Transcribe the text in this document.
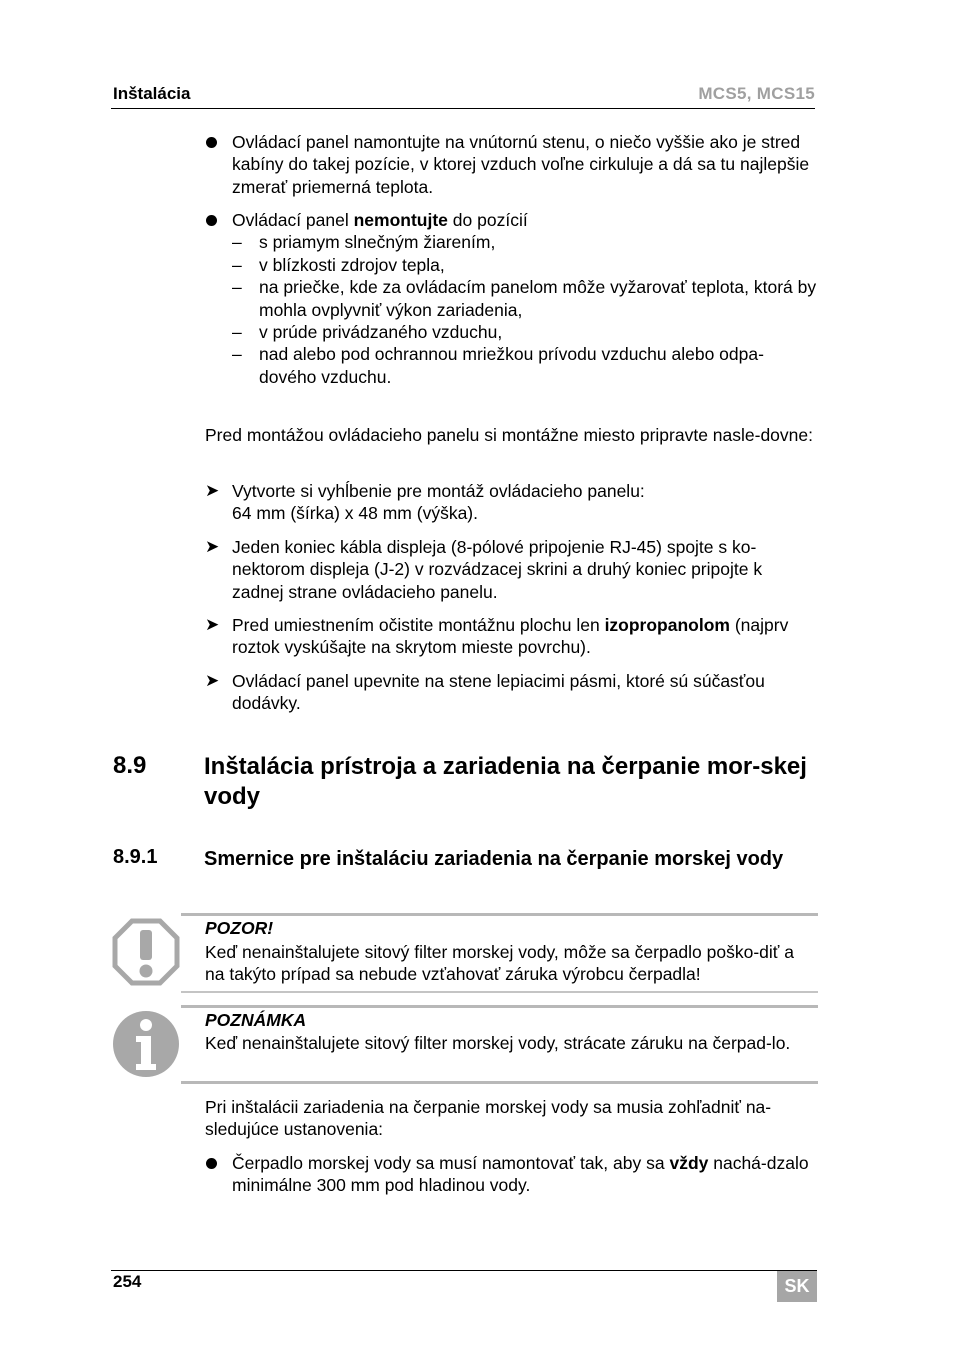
Inštalácia	MCS5, MCS15
Ovládací panel namontujte na vnútornú stenu, o niečo vyššie ako je stred kabíny do takej pozície, v ktorej vzduch voľne cirkuluje a dá sa tu najlepšie zmerať priemerná teplota.
Ovládací panel nemontujte do pozícií
– s priamym slnečným žiarením,
– v blízkosti zdrojov tepla,
– na priečke, kde za ovládacím panelom môže vyžarovať teplota, ktorá by mohla ovplyvniť výkon zariadenia,
– v prúde privádzaného vzduchu,
– nad alebo pod ochrannou mriežkou prívodu vzduchu alebo odpa-dového vzduchu.
Pred montážou ovládacieho panelu si montážne miesto pripravte nasle-dovne:
➤ Vytvorte si vyhĺbenie pre montáž ovládacieho panelu:
64 mm (šírka) x 48 mm (výška).
➤ Jeden koniec kábla displeja (8-pólové pripojenie RJ-45) spojte s ko-nektorom displeja (J-2) v rozvádzacej skrini a druhý koniec pripojte k zadnej strane ovládacieho panelu.
➤ Pred umiestnením očistite montážnu plochu len izopropanolom (najprv roztok vyskúšajte na skrytom mieste povrchu).
➤ Ovládací panel upevnite na stene lepiacimi pásmi, ktoré sú súčasťou dodávky.
8.9 Inštalácia prístroja a zariadenia na čerpanie mor-skej vody
8.9.1 Smernice pre inštaláciu zariadenia na čerpanie morskej vody
POZOR!
Keď nenainštalujete sitový filter morskej vody, môže sa čerpadlo poško-diť a na takýto prípad sa nebude vzťahovať záruka výrobcu čerpadla!
POZNÁMKA
Keď nenainštalujete sitový filter morskej vody, strácate záruku na čerpad-lo.
Pri inštalácii zariadenia na čerpanie morskej vody sa musia zohľadniť na-sledujúce ustanovenia:
Čerpadlo morskej vody sa musí namontovať tak, aby sa vždy nachá-dzalo minimálne 300 mm pod hladinou vody.
254	SK
